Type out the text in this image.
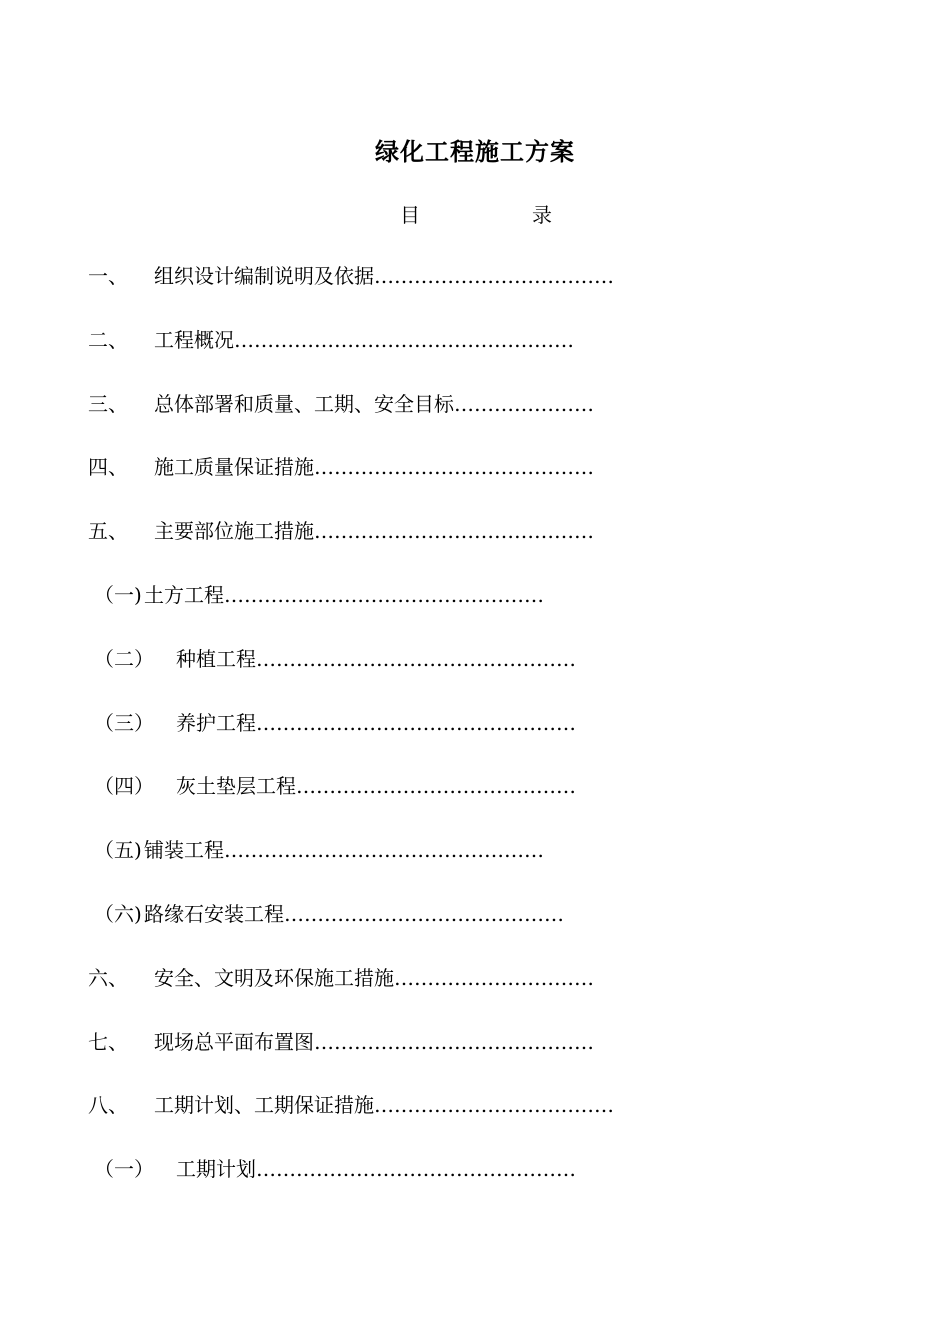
绿化工程施工方案
目	录
一、 组织设计编制说明及依据………………………………
二、 工程概况……………………………………………
三、 总体部署和质量、工期、安全目标…………………
四、 施工质量保证措施……………………………………
五、 主要部位施工措施……………………………………
（一) 土方工程…………………………………………
（二） 种植工程…………………………………………
（三） 养护工程…………………………………………
（四） 灰土垫层工程……………………………………
（五) 铺装工程…………………………………………
（六) 路缘石安装工程……………………………………
六、 安全、文明及环保施工措施…………………………
七、 现场总平面布置图……………………………………
八、 工期计划、工期保证措施………………………………
（一） 工期计划…………………………………………
